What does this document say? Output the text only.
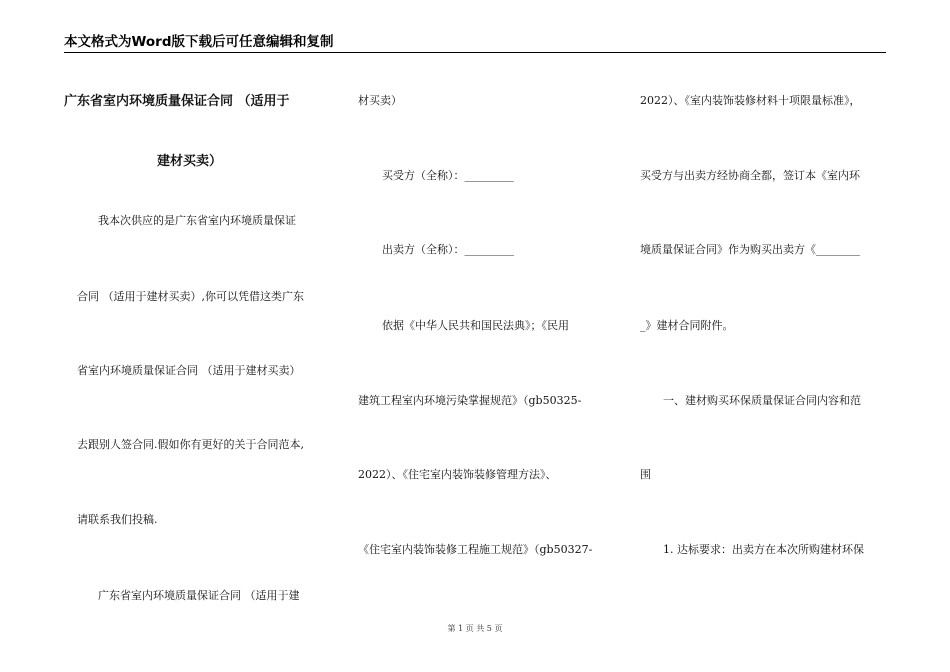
本文格式为Word版下载后可任意编辑和复制
广东省室内环境质量保证合同 （适用于
建材买卖）
我本次供应的是广东省室内环境质量保证
合同 （适用于建材买卖）,你可以凭借这类广东
省室内环境质量保证合同 （适用于建材买卖）
去跟别人签合同.假如你有更好的关于合同范本,
请联系我们投稿.
广东省室内环境质量保证合同 （适用于建
材买卖）
买受方（全称）：_________
出卖方（全称）：_________
依据《中华人民共和国民法典》；《民用
建筑工程室内环境污染掌握规范》（gb50325-
2022）、《住宅室内装饰装修管理方法》、
《住宅室内装饰装修工程施工规范》（gb50327-
2022）、《室内装饰装修材料十项限量标准》，
买受方与出卖方经协商全都，签订本《室内环
境质量保证合同》作为购买出卖方《________
_》建材合同附件。
一、建材购买环保质量保证合同内容和范
围
1. 达标要求：出卖方在本次所购建材环保
第 1 页 共 5 页
